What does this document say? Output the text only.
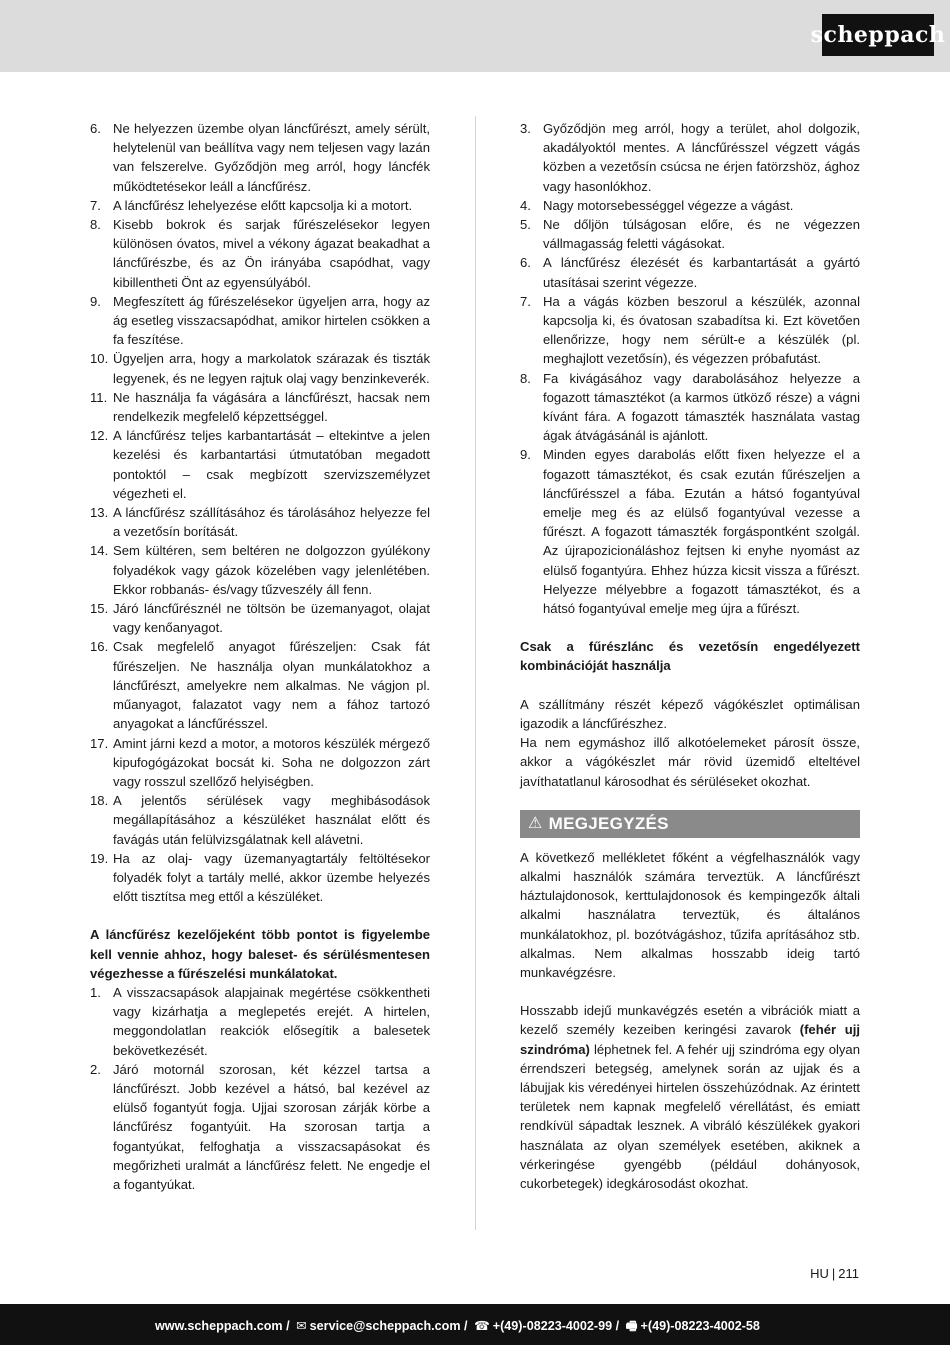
scheppach
6. Ne helyezzen üzembe olyan láncfűrészt, amely sérült, helytelenül van beállítva vagy nem teljesen vagy lazán van felszerelve. Győződjön meg arról, hogy láncfék működtetésekor leáll a láncfűrész.
7. A láncfűrész lehelyezése előtt kapcsolja ki a motort.
8. Kisebb bokrok és sarjak fűrészelésekor legyen különösen óvatos, mivel a vékony ágazat beakadhat a láncfűrészbe, és az Ön irányába csapódhat, vagy kibillentheti Önt az egyensúlyából.
9. Megfeszített ág fűrészelésekor ügyeljen arra, hogy az ág esetleg visszacsapódhat, amikor hirtelen csökken a fa feszítése.
10. Ügyeljen arra, hogy a markolatok szárazak és tiszták legyenek, és ne legyen rajtuk olaj vagy benzinkeverék.
11. Ne használja fa vágására a láncfűrészt, hacsak nem rendelkezik megfelelő képzettséggel.
12. A láncfűrész teljes karbantartását – eltekintve a jelen kezelési és karbantartási útmutatóban megadott pontoktól – csak megbízott szervizszemélyzet végezheti el.
13. A láncfűrész szállításához és tárolásához helyezze fel a vezetősín borítását.
14. Sem kültéren, sem beltéren ne dolgozzon gyúlékony folyadékok vagy gázok közelében vagy jelenlétében. Ekkor robbanás- és/vagy tűzveszély áll fenn.
15. Járó láncfűrésznél ne töltsön be üzemanyagot, olajat vagy kenőanyagot.
16. Csak megfelelő anyagot fűrészeljen: Csak fát fűrészeljen. Ne használja olyan munkálatokhoz a láncfűrészt, amelyekre nem alkalmas. Ne vágjon pl. műanyagot, falazatot vagy nem a fához tartozó anyagokat a láncfűrésszel.
17. Amint járni kezd a motor, a motoros készülék mérgező kipufogógázokat bocsát ki. Soha ne dolgozzon zárt vagy rosszul szellőző helyiségben.
18. A jelentős sérülések vagy meghibásodások megállapításához a készüléket használat előtt és favágás után felülvizsgálatnak kell alávetni.
19. Ha az olaj- vagy üzemanyagtartály feltöltésekor folyadék folyt a tartály mellé, akkor üzembe helyezés előtt tisztítsa meg ettől a készüléket.

A láncfűrész kezelőjeként több pontot is figyelembe kell vennie ahhoz, hogy baleset- és sérülésmentesen végezhesse a fűrészelési munkálatokat.

1. A visszacsapások alapjainak megértése csökkentheti vagy kizárhatja a meglepetés erejét. A hirtelen, meggondolatlan reakciók elősegítik a balesetek bekövetkezését.
2. Járó motornál szorosan, két kézzel tartsa a láncfűrészt. Jobb kezével a hátsó, bal kezével az elülső fogantyút fogja. Ujjai szorosan zárják körbe a láncfűrész fogantyúit. Ha szorosan tartja a fogantyúkat, felfoghatja a visszacsapásokat és megőrizheti uralmát a láncfűrész felett. Ne engedje el a fogantyúkat.
3. Győződjön meg arról, hogy a terület, ahol dolgozik, akadályoktól mentes. A láncfűrésszel végzett vágás közben a vezetősín csúcsa ne érjen fatörzshöz, ághoz vagy hasonlókhoz.
4. Nagy motorsebességgel végezze a vágást.
5. Ne dőljön túlságosan előre, és ne végezzen vállmagasság feletti vágásokat.
6. A láncfűrész élezését és karbantartását a gyártó utasításai szerint végezze.
7. Ha a vágás közben beszorul a készülék, azonnal kapcsolja ki, és óvatosan szabadítsa ki. Ezt követően ellenőrizze, hogy nem sérült-e a készülék (pl. meghajlott vezetősín), és végezzen próbafutást.
8. Fa kivágásához vagy darabolásához helyezze a fogazott támasztékot (a karmos ütköző része) a vágni kívánt fára. A fogazott támaszték használata vastag ágak átvágásánál is ajánlott.
9. Minden egyes darabolás előtt fixen helyezze el a fogazott támasztékot, és csak ezután fűrészeljen a láncfűrésszel a fába. Ezután a hátsó fogantyúval emelje meg és az elülső fogantyúval vezesse a fűrészt. A fogazott támaszték forgáspontként szolgál. Az újrapozicionáláshoz fejtsen ki enyhe nyomást az elülső fogantyúra. Ehhez húzza kicsit vissza a fűrészt. Helyezze mélyebbre a fogazott támasztékot, és a hátsó fogantyúval emelje meg újra a fűrészt.

Csak a fűrészlánc és vezetősín engedélyezett kombinációját használja

A szállítmány részét képező vágókészlet optimálisan igazodik a láncfűrészhez.

Ha nem egymáshoz illő alkotóelemeket párosít össze, akkor a vágókészlet már rövid üzemidő elteltével javíthatatlanul károsodhat és sérüléseket okozhat.

⚠ MEGJEGYZÉS

A következő mellékletet főként a végfelhasználók vagy alkalmi használók számára terveztük. A láncfűrészt háztulajdonosok, kerttulajdonosok és kempingezők általi alkalmi használatra terveztük, és általános munkálatokhoz, pl. bozótvágáshoz, tűzifa aprításához stb. alkalmas. Nem alkalmas hosszabb ideig tartó munkavégzésre.

Hosszabb idejű munkavégzés esetén a vibrációk miatt a kezelő személy kezeiben keringési zavarok (fehér ujj szindróma) léphetnek fel. A fehér ujj szindróma egy olyan érrendszeri betegség, amelynek során az ujjak és a lábujjak kis véredényei hirtelen összehúzódnak. Az érintett területek nem kapnak megfelelő vérellátást, és emiatt rendkívül sápadtak lesznek. A vibráló készülékek gyakori használata az olyan személyek esetében, akiknek a vérkeringése gyengébb (például dohányosok, cukorbetegek) idegkárosodást okozhat.

HU | 211
www.scheppach.com / ✉ service@scheppach.com / ☎ +(49)-08223-4002-99 / 🖷 +(49)-08223-4002-58
